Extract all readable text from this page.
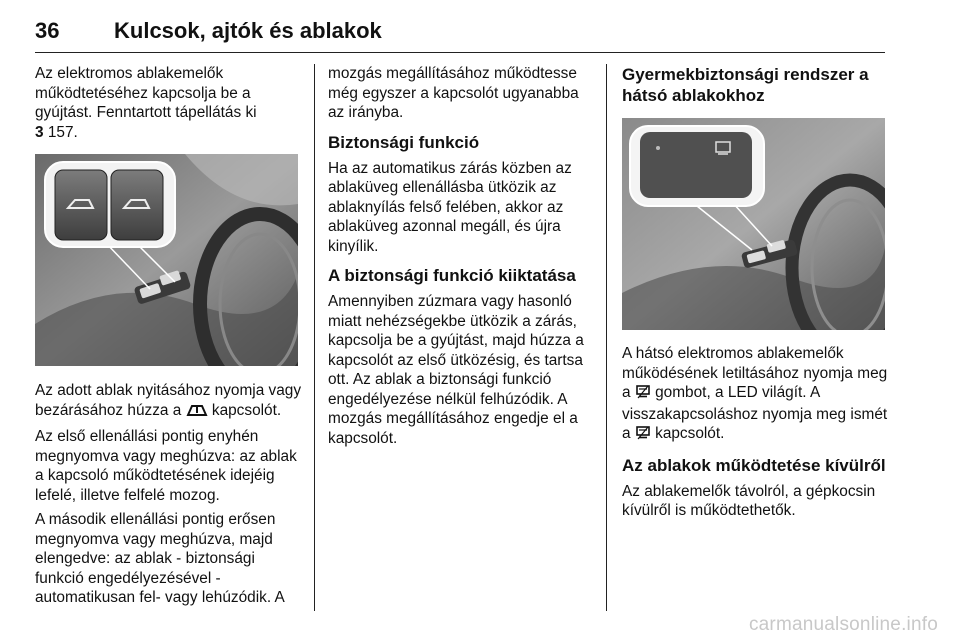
36 Kulcsok, ajtók és ablakok

Az elektromos ablakemelők működtetéséhez kapcsolja be a gyújtást. Fenntartott tápellátás ki
3 157.

Az adott ablak nyitásához nyomja vagy bezárásához húzza a  kapcsolót.

Az első ellenállási pontig enyhén megnyomva vagy meghúzva: az ablak a kapcsoló működtetésének idejéig lefelé, illetve felfelé mozog.

A második ellenállási pontig erősen megnyomva vagy meghúzva, majd elengedve: az ablak - biztonsági funkció engedélyezésével - automatikusan fel- vagy lehúzódik. A

mozgás megállításához működtesse még egyszer a kapcsolót ugyanabba az irányba.

Biztonsági funkció

Ha az automatikus zárás közben az ablaküveg ellenállásba ütközik az ablaknyílás felső felében, akkor az ablaküveg azonnal megáll, és újra kinyílik.

A biztonsági funkció kiiktatása

Amennyiben zúzmara vagy hasonló miatt nehézségekbe ütközik a zárás, kapcsolja be a gyújtást, majd húzza a kapcsolót az első ütközésig, és tartsa ott. Az ablak a biztonsági funkció engedélyezése nélkül felhúzódik. A mozgás megállításához engedje el a kapcsolót.

Gyermekbiztonsági rendszer a hátsó ablakokhoz

A hátsó elektromos ablakemelők működésének letiltásához nyomja meg a  gombot, a LED világít. A visszakapcsoláshoz nyomja meg ismét a  kapcsolót.

Az ablakok működtetése kívülről

Az ablakemelők távolról, a gépkocsin kívülről is működtethetők.

carmanualsonline.info
